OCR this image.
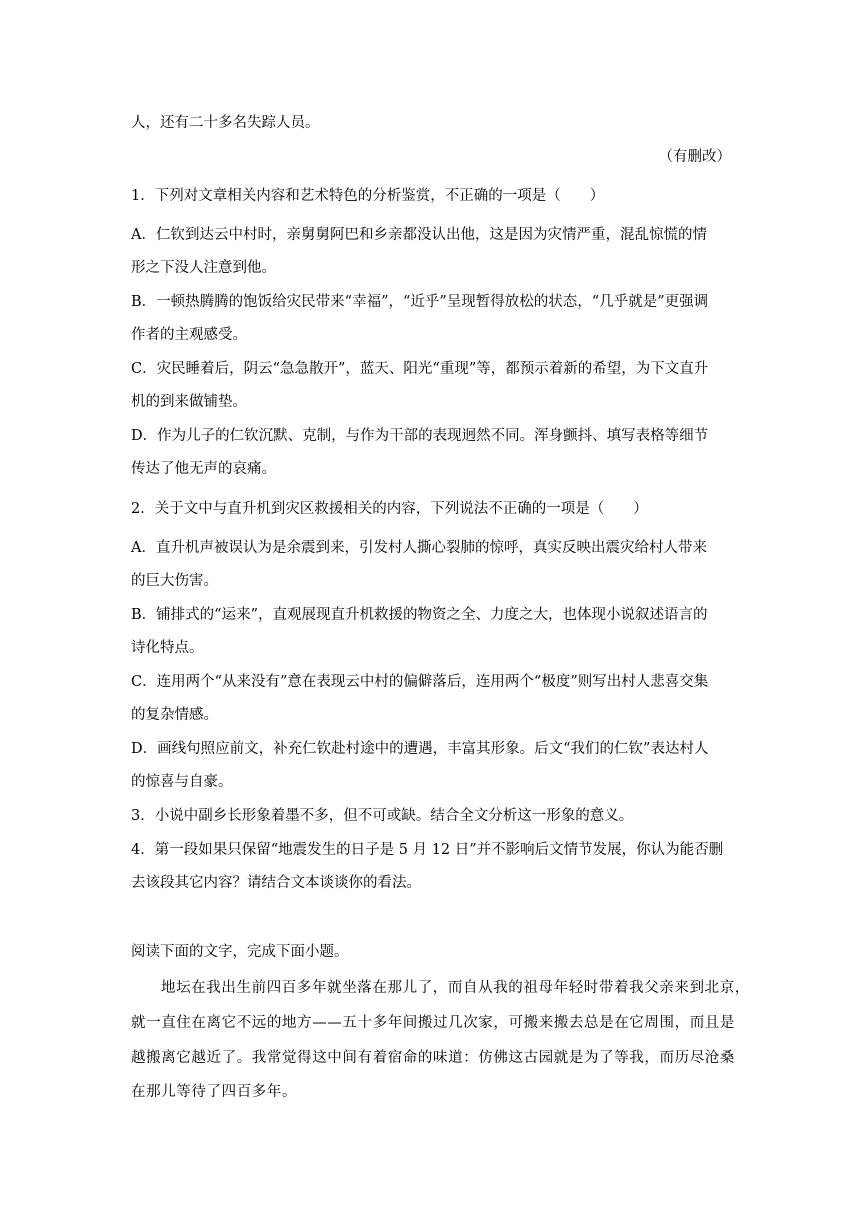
人，还有二十多名失踪人员。
（有删改）
1．下列对文章相关内容和艺术特色的分析鉴赏，不正确的一项是（　　）
A．仁钦到达云中村时，亲舅舅阿巴和乡亲都没认出他，这是因为灾情严重，混乱惊慌的情
形之下没人注意到他。
B．一顿热腾腾的饱饭给灾民带来“幸福”，“近乎”呈现暂得放松的状态，“几乎就是”更强调
作者的主观感受。
C．灾民睡着后，阴云“急急散开”，蓝天、阳光“重现”等，都预示着新的希望，为下文直升
机的到来做铺垫。
D．作为儿子的仁钦沉默、克制，与作为干部的表现迥然不同。浑身颤抖、填写表格等细节
传达了他无声的哀痛。
2．关于文中与直升机到灾区救援相关的内容，下列说法不正确的一项是（　　）
A．直升机声被误认为是余震到来，引发村人撕心裂肺的惊呼，真实反映出震灾给村人带来
的巨大伤害。
B．铺排式的“运来”，直观展现直升机救援的物资之全、力度之大，也体现小说叙述语言的
诗化特点。
C．连用两个“从来没有”意在表现云中村的偏僻落后，连用两个“极度”则写出村人悲喜交集
的复杂情感。
D．画线句照应前文，补充仁钦赴村途中的遭遇，丰富其形象。后文“我们的仁钦”表达村人
的惊喜与自豪。
3．小说中副乡长形象着墨不多，但不可或缺。结合全文分析这一形象的意义。
4．第一段如果只保留“地震发生的日子是 5 月 12 日”并不影响后文情节发展，你认为能否删
去该段其它内容？请结合文本谈谈你的看法。
阅读下面的文字，完成下面小题。
地坛在我出生前四百多年就坐落在那儿了，而自从我的祖母年轻时带着我父亲来到北京，
就一直住在离它不远的地方——五十多年间搬过几次家，可搬来搬去总是在它周围，而且是
越搬离它越近了。我常觉得这中间有着宿命的味道：仿佛这古园就是为了等我，而历尽沧桑
在那儿等待了四百多年。
